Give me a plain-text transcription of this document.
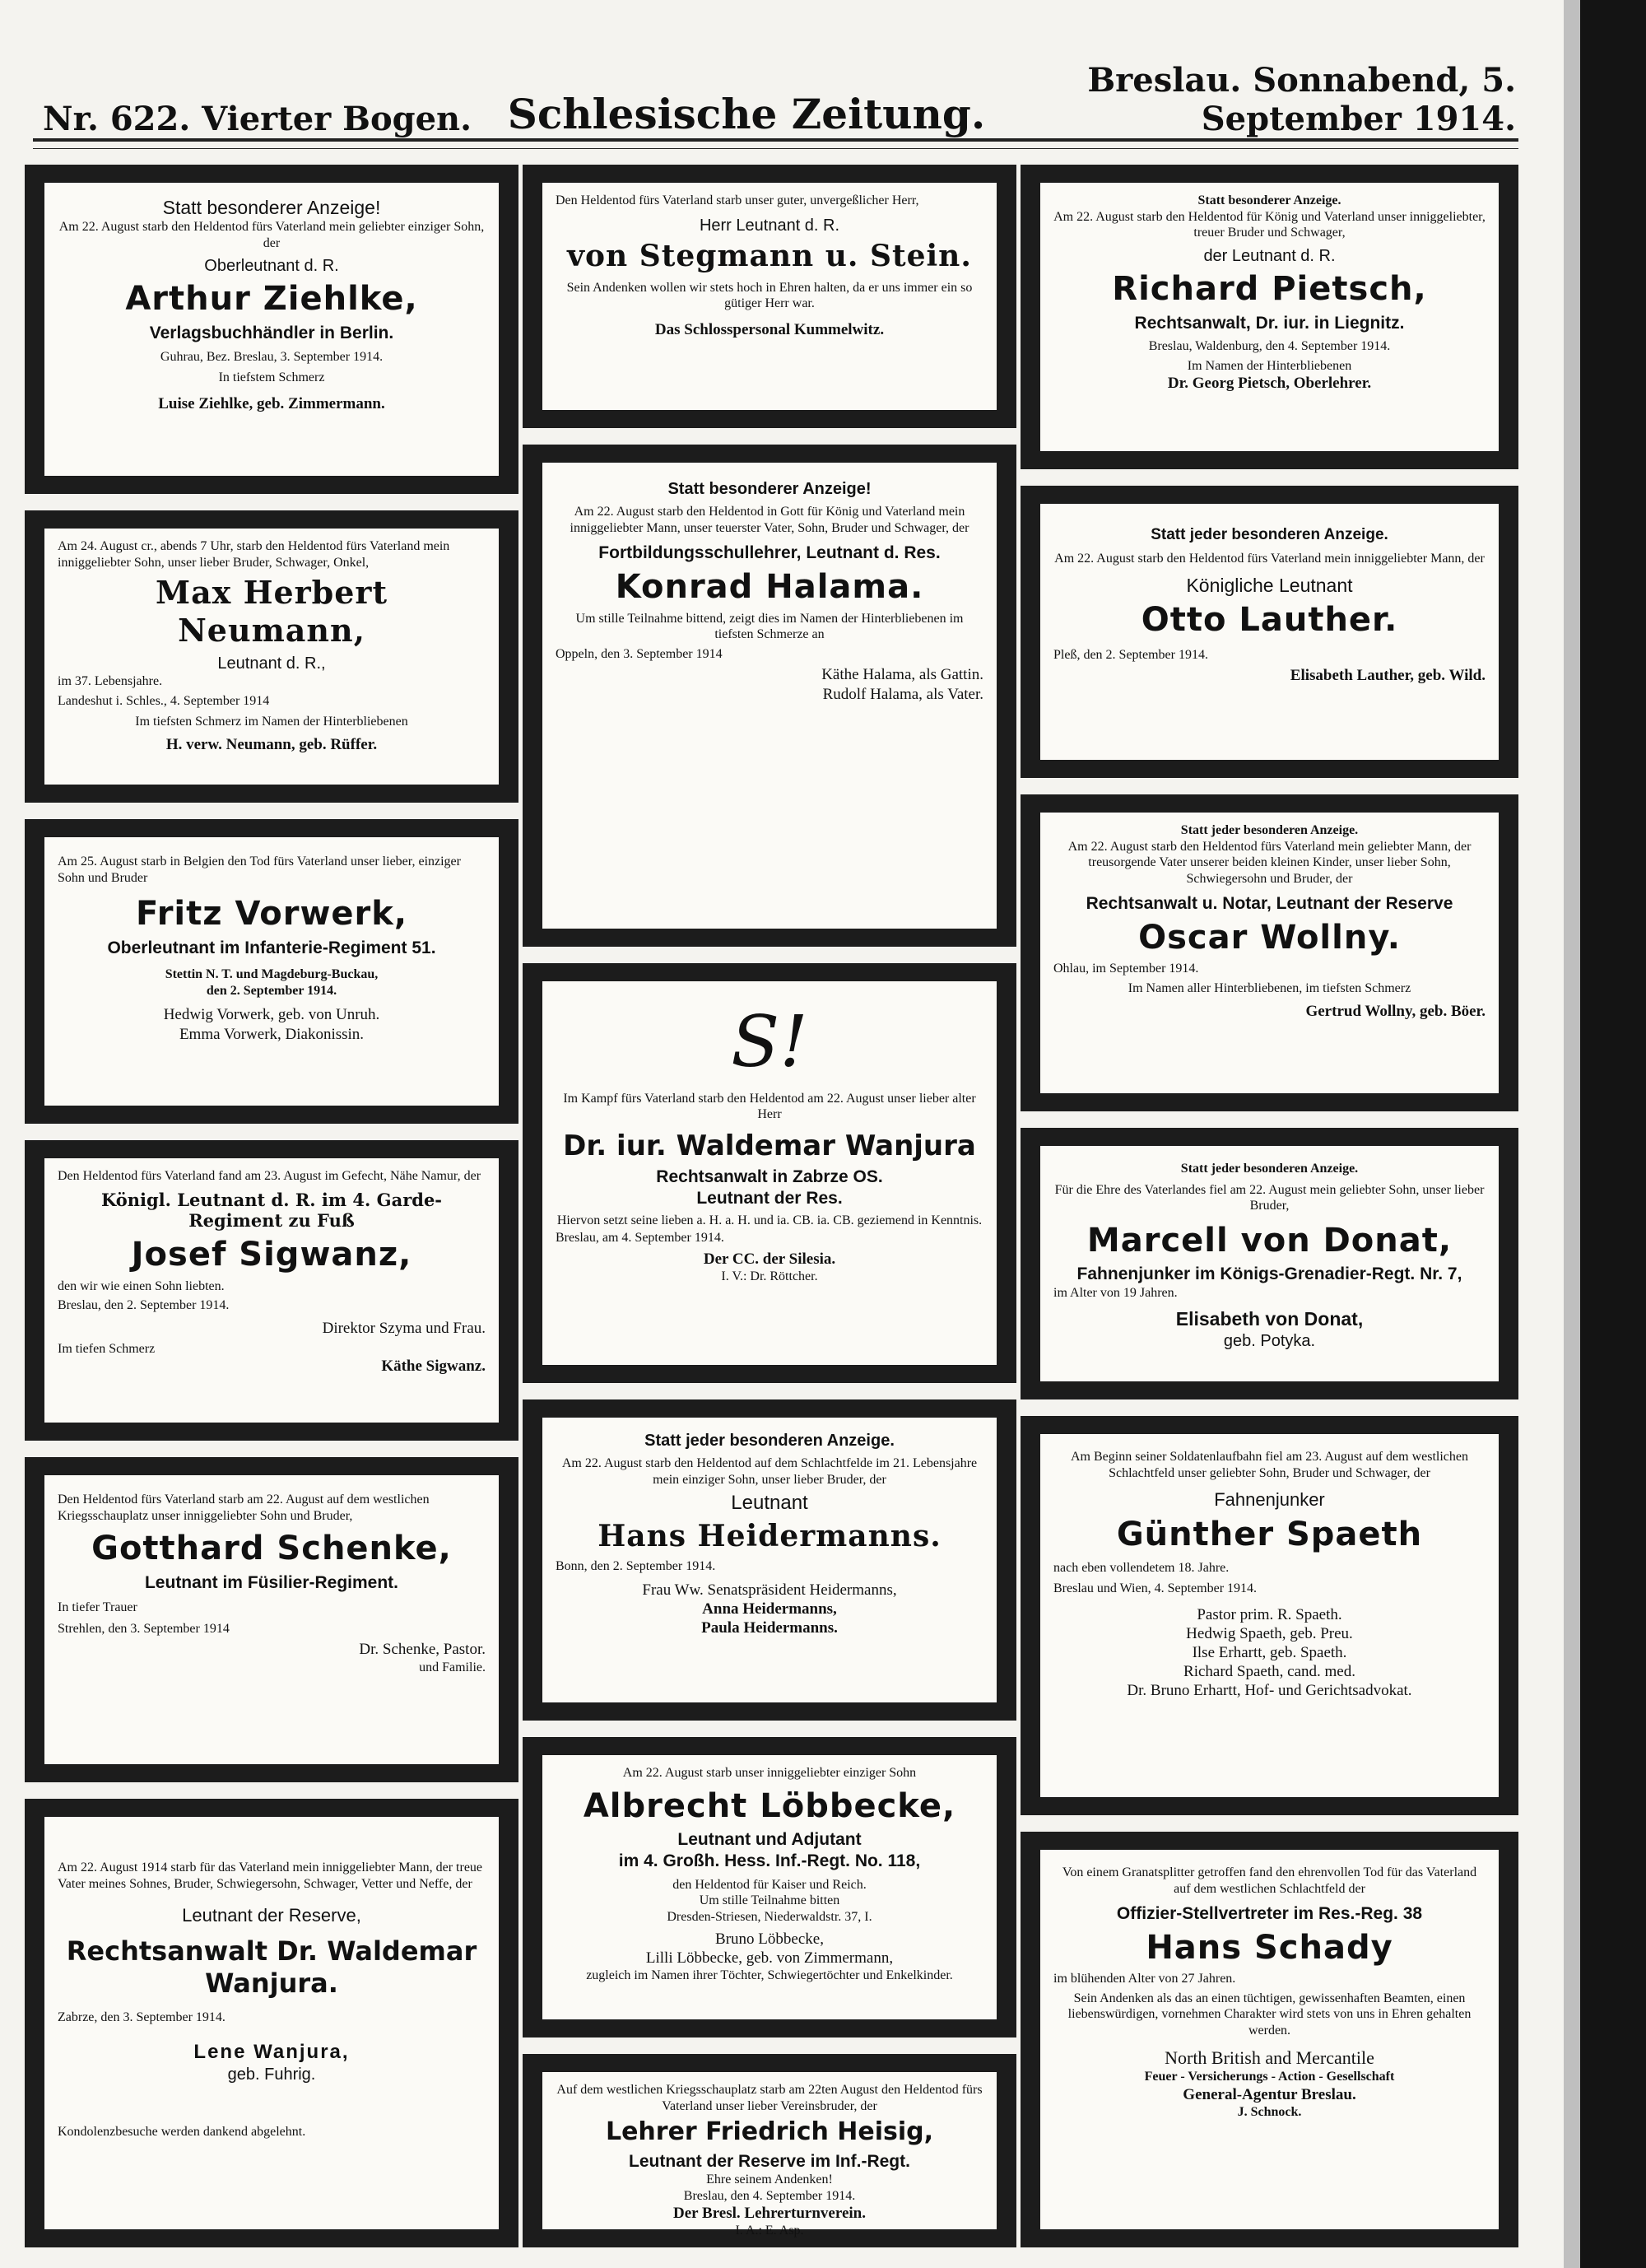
Nr. 622. Vierter Bogen. Schlesische Zeitung.
Breslau. Sonnabend, 5. September 1914.
Statt besonderer Anzeige!
Am 22. August starb den Heldentod fürs Vaterland mein geliebter einziger Sohn, der
Oberleutnant d. R.
Arthur Ziehlke,
Verlagsbuchhändler in Berlin.
Guhrau, Bez. Breslau, 3. September 1914.
In tiefstem Schmerz
Luise Ziehlke, geb. Zimmermann.
Am 24. August cr., abends 7 Uhr, starb den Heldentod fürs Vaterland mein inniggeliebter Sohn, unser lieber Bruder, Schwager, Onkel,
Max Herbert Neumann,
Leutnant d. R.,
im 37. Lebensjahre.
Landeshut i. Schles., 4. September 1914
Im tiefsten Schmerz im Namen der Hinterbliebenen
H. verw. Neumann, geb. Rüffer.
Am 25. August starb in Belgien den Tod fürs Vaterland unser lieber, einziger Sohn und Bruder
Fritz Vorwerk,
Oberleutnant im Infanterie-Regiment 51.
Stettin N. T. und Magdeburg-Buckau,
den 2. September 1914.
Hedwig Vorwerk, geb. von Unruh.
Emma Vorwerk, Diakonissin.
Den Heldentod fürs Vaterland fand am 23. August im Gefecht, Nähe Namur, der
Königl. Leutnant d. R. im 4. Garde-Regiment zu Fuß
Josef Sigwanz,
den wir wie einen Sohn liebten.
Breslau, den 2. September 1914.
Direktor Szyma und Frau.
Im tiefen Schmerz
Käthe Sigwanz.
Den Heldentod fürs Vaterland starb am 22. August auf dem westlichen Kriegsschauplatz unser inniggeliebter Sohn und Bruder,
Gotthard Schenke,
Leutnant im Füsilier-Regiment.
In tiefer Trauer
Strehlen, den 3. September 1914
Dr. Schenke, Pastor.
und Familie.
Am 22. August 1914 starb für das Vaterland mein inniggeliebter Mann, der treue Vater meines Sohnes, Bruder, Schwiegersohn, Schwager, Vetter und Neffe, der
Leutnant der Reserve,
Rechtsanwalt Dr. Waldemar Wanjura.
Zabrze, den 3. September 1914.
Lene Wanjura,
geb. Fuhrig.
Kondolenzbesuche werden dankend abgelehnt.
Den Heldentod fürs Vaterland starb unser guter, unvergeßlicher Herr,
Herr Leutnant d. R.
von Stegmann u. Stein.
Sein Andenken wollen wir stets hoch in Ehren halten, da er uns immer ein so gütiger Herr war.
Das Schlosspersonal Kummelwitz.
Statt besonderer Anzeige!
Am 22. August starb den Heldentod in Gott für König und Vaterland mein inniggeliebter Mann, unser teuerster Vater, Sohn, Bruder und Schwager, der
Fortbildungsschullehrer, Leutnant d. Res.
Konrad Halama.
Um stille Teilnahme bittend, zeigt dies im Namen der Hinterbliebenen im tiefsten Schmerze an
Oppeln, den 3. September 1914
Käthe Halama, als Gattin.
Rudolf Halama, als Vater.
S!
Im Kampf fürs Vaterland starb den Heldentod am 22. August unser lieber alter Herr
Dr. iur. Waldemar Wanjura
Rechtsanwalt in Zabrze OS.
Leutnant der Res.
Hiervon setzt seine lieben a. H. a. H. und ia. CB. ia. CB. geziemend in Kenntnis.
Breslau, am 4. September 1914.
Der CC. der Silesia.
I. V.: Dr. Röttcher.
Statt jeder besonderen Anzeige.
Am 22. August starb den Heldentod auf dem Schlachtfelde im 21. Lebensjahre mein einziger Sohn, unser lieber Bruder, der
Leutnant
Hans Heidermanns.
Bonn, den 2. September 1914.
Frau Ww. Senatspräsident Heidermanns,
Anna Heidermanns,
Paula Heidermanns.
Am 22. August starb unser inniggeliebter einziger Sohn
Albrecht Löbbecke,
Leutnant und Adjutant
im 4. Großh. Hess. Inf.-Regt. No. 118,
den Heldentod für Kaiser und Reich.
Um stille Teilnahme bitten
Dresden-Striesen, Niederwaldstr. 37, I.
Bruno Löbbecke,
Lilli Löbbecke, geb. von Zimmermann,
zugleich im Namen ihrer Töchter, Schwiegertöchter und Enkelkinder.
Auf dem westlichen Kriegsschauplatz starb am 22ten August den Heldentod fürs Vaterland unser lieber Vereinsbruder, der
Lehrer Friedrich Heisig,
Leutnant der Reserve im Inf.-Regt.
Ehre seinem Andenken!
Breslau, den 4. September 1914.
Der Bresl. Lehrerturnverein.
I. A.: E. Asp.
Statt besonderer Anzeige.
Am 22. August starb den Heldentod für König und Vaterland unser inniggeliebter, treuer Bruder und Schwager,
der Leutnant d. R.
Richard Pietsch,
Rechtsanwalt, Dr. iur. in Liegnitz.
Breslau, Waldenburg, den 4. September 1914.
Im Namen der Hinterbliebenen
Dr. Georg Pietsch, Oberlehrer.
Statt jeder besonderen Anzeige.
Am 22. August starb den Heldentod fürs Vaterland mein inniggeliebter Mann, der
Königliche Leutnant
Otto Lauther.
Pleß, den 2. September 1914.
Elisabeth Lauther, geb. Wild.
Statt jeder besonderen Anzeige.
Am 22. August starb den Heldentod fürs Vaterland mein geliebter Mann, der treusorgende Vater unserer beiden kleinen Kinder, unser lieber Sohn, Schwiegersohn und Bruder, der
Rechtsanwalt u. Notar, Leutnant der Reserve
Oscar Wollny.
Ohlau, im September 1914.
Im Namen aller Hinterbliebenen, im tiefsten Schmerz
Gertrud Wollny, geb. Böer.
Statt jeder besonderen Anzeige.
Für die Ehre des Vaterlandes fiel am 22. August mein geliebter Sohn, unser lieber Bruder,
Marcell von Donat,
Fahnenjunker im Königs-Grenadier-Regt. Nr. 7,
im Alter von 19 Jahren.
Elisabeth von Donat,
geb. Potyka.
Am Beginn seiner Soldatenlaufbahn fiel am 23. August auf dem westlichen Schlachtfeld unser geliebter Sohn, Bruder und Schwager, der
Fahnenjunker
Günther Spaeth
nach eben vollendetem 18. Jahre.
Breslau und Wien, 4. September 1914.
Pastor prim. R. Spaeth.
Hedwig Spaeth, geb. Preu.
Ilse Erhartt, geb. Spaeth.
Richard Spaeth, cand. med.
Dr. Bruno Erhartt, Hof- und Gerichtsadvokat.
Von einem Granatsplitter getroffen fand den ehrenvollen Tod für das Vaterland auf dem westlichen Schlachtfeld der
Offizier-Stellvertreter im Res.-Reg. 38
Hans Schady
im blühenden Alter von 27 Jahren.
Sein Andenken als das an einen tüchtigen, gewissenhaften Beamten, einen liebenswürdigen, vornehmen Charakter wird stets von uns in Ehren gehalten werden.
North British and Mercantile
Feuer - Versicherungs - Action - Gesellschaft
General-Agentur Breslau.
J. Schnock.
